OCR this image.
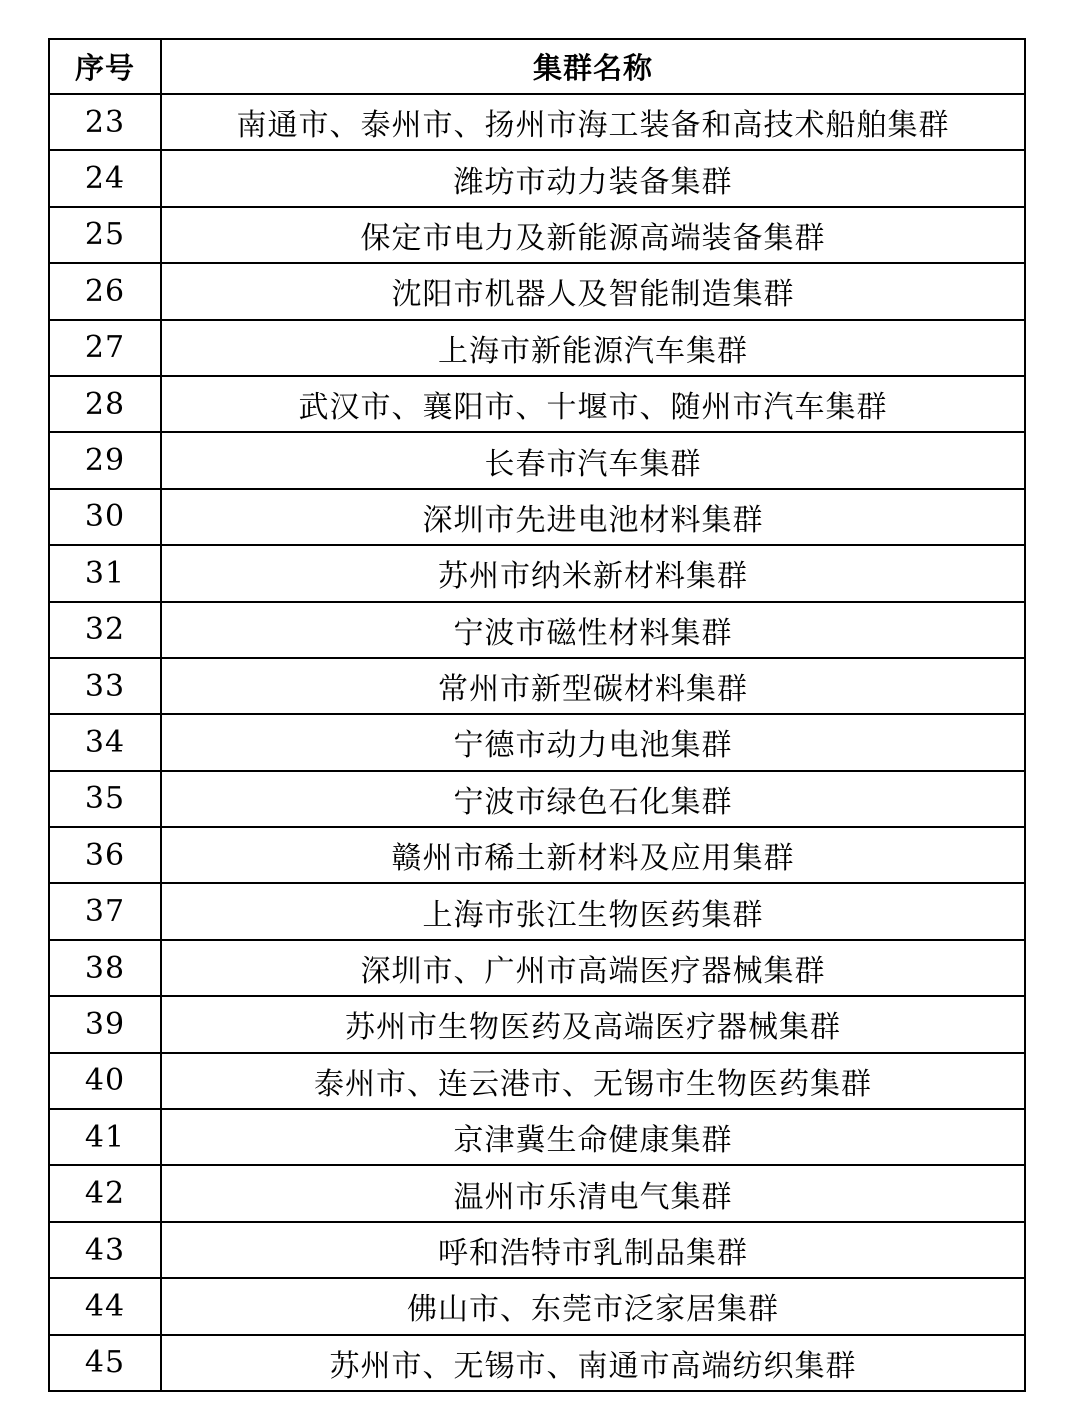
序号	集群名称
23	南通市、泰州市、扬州市海工装备和高技术船舶集群
24	潍坊市动力装备集群
25	保定市电力及新能源高端装备集群
26	沈阳市机器人及智能制造集群
27	上海市新能源汽车集群
28	武汉市、襄阳市、十堰市、随州市汽车集群
29	长春市汽车集群
30	深圳市先进电池材料集群
31	苏州市纳米新材料集群
32	宁波市磁性材料集群
33	常州市新型碳材料集群
34	宁德市动力电池集群
35	宁波市绿色石化集群
36	赣州市稀土新材料及应用集群
37	上海市张江生物医药集群
38	深圳市、广州市高端医疗器械集群
39	苏州市生物医药及高端医疗器械集群
40	泰州市、连云港市、无锡市生物医药集群
41	京津冀生命健康集群
42	温州市乐清电气集群
43	呼和浩特市乳制品集群
44	佛山市、东莞市泛家居集群
45	苏州市、无锡市、南通市高端纺织集群
